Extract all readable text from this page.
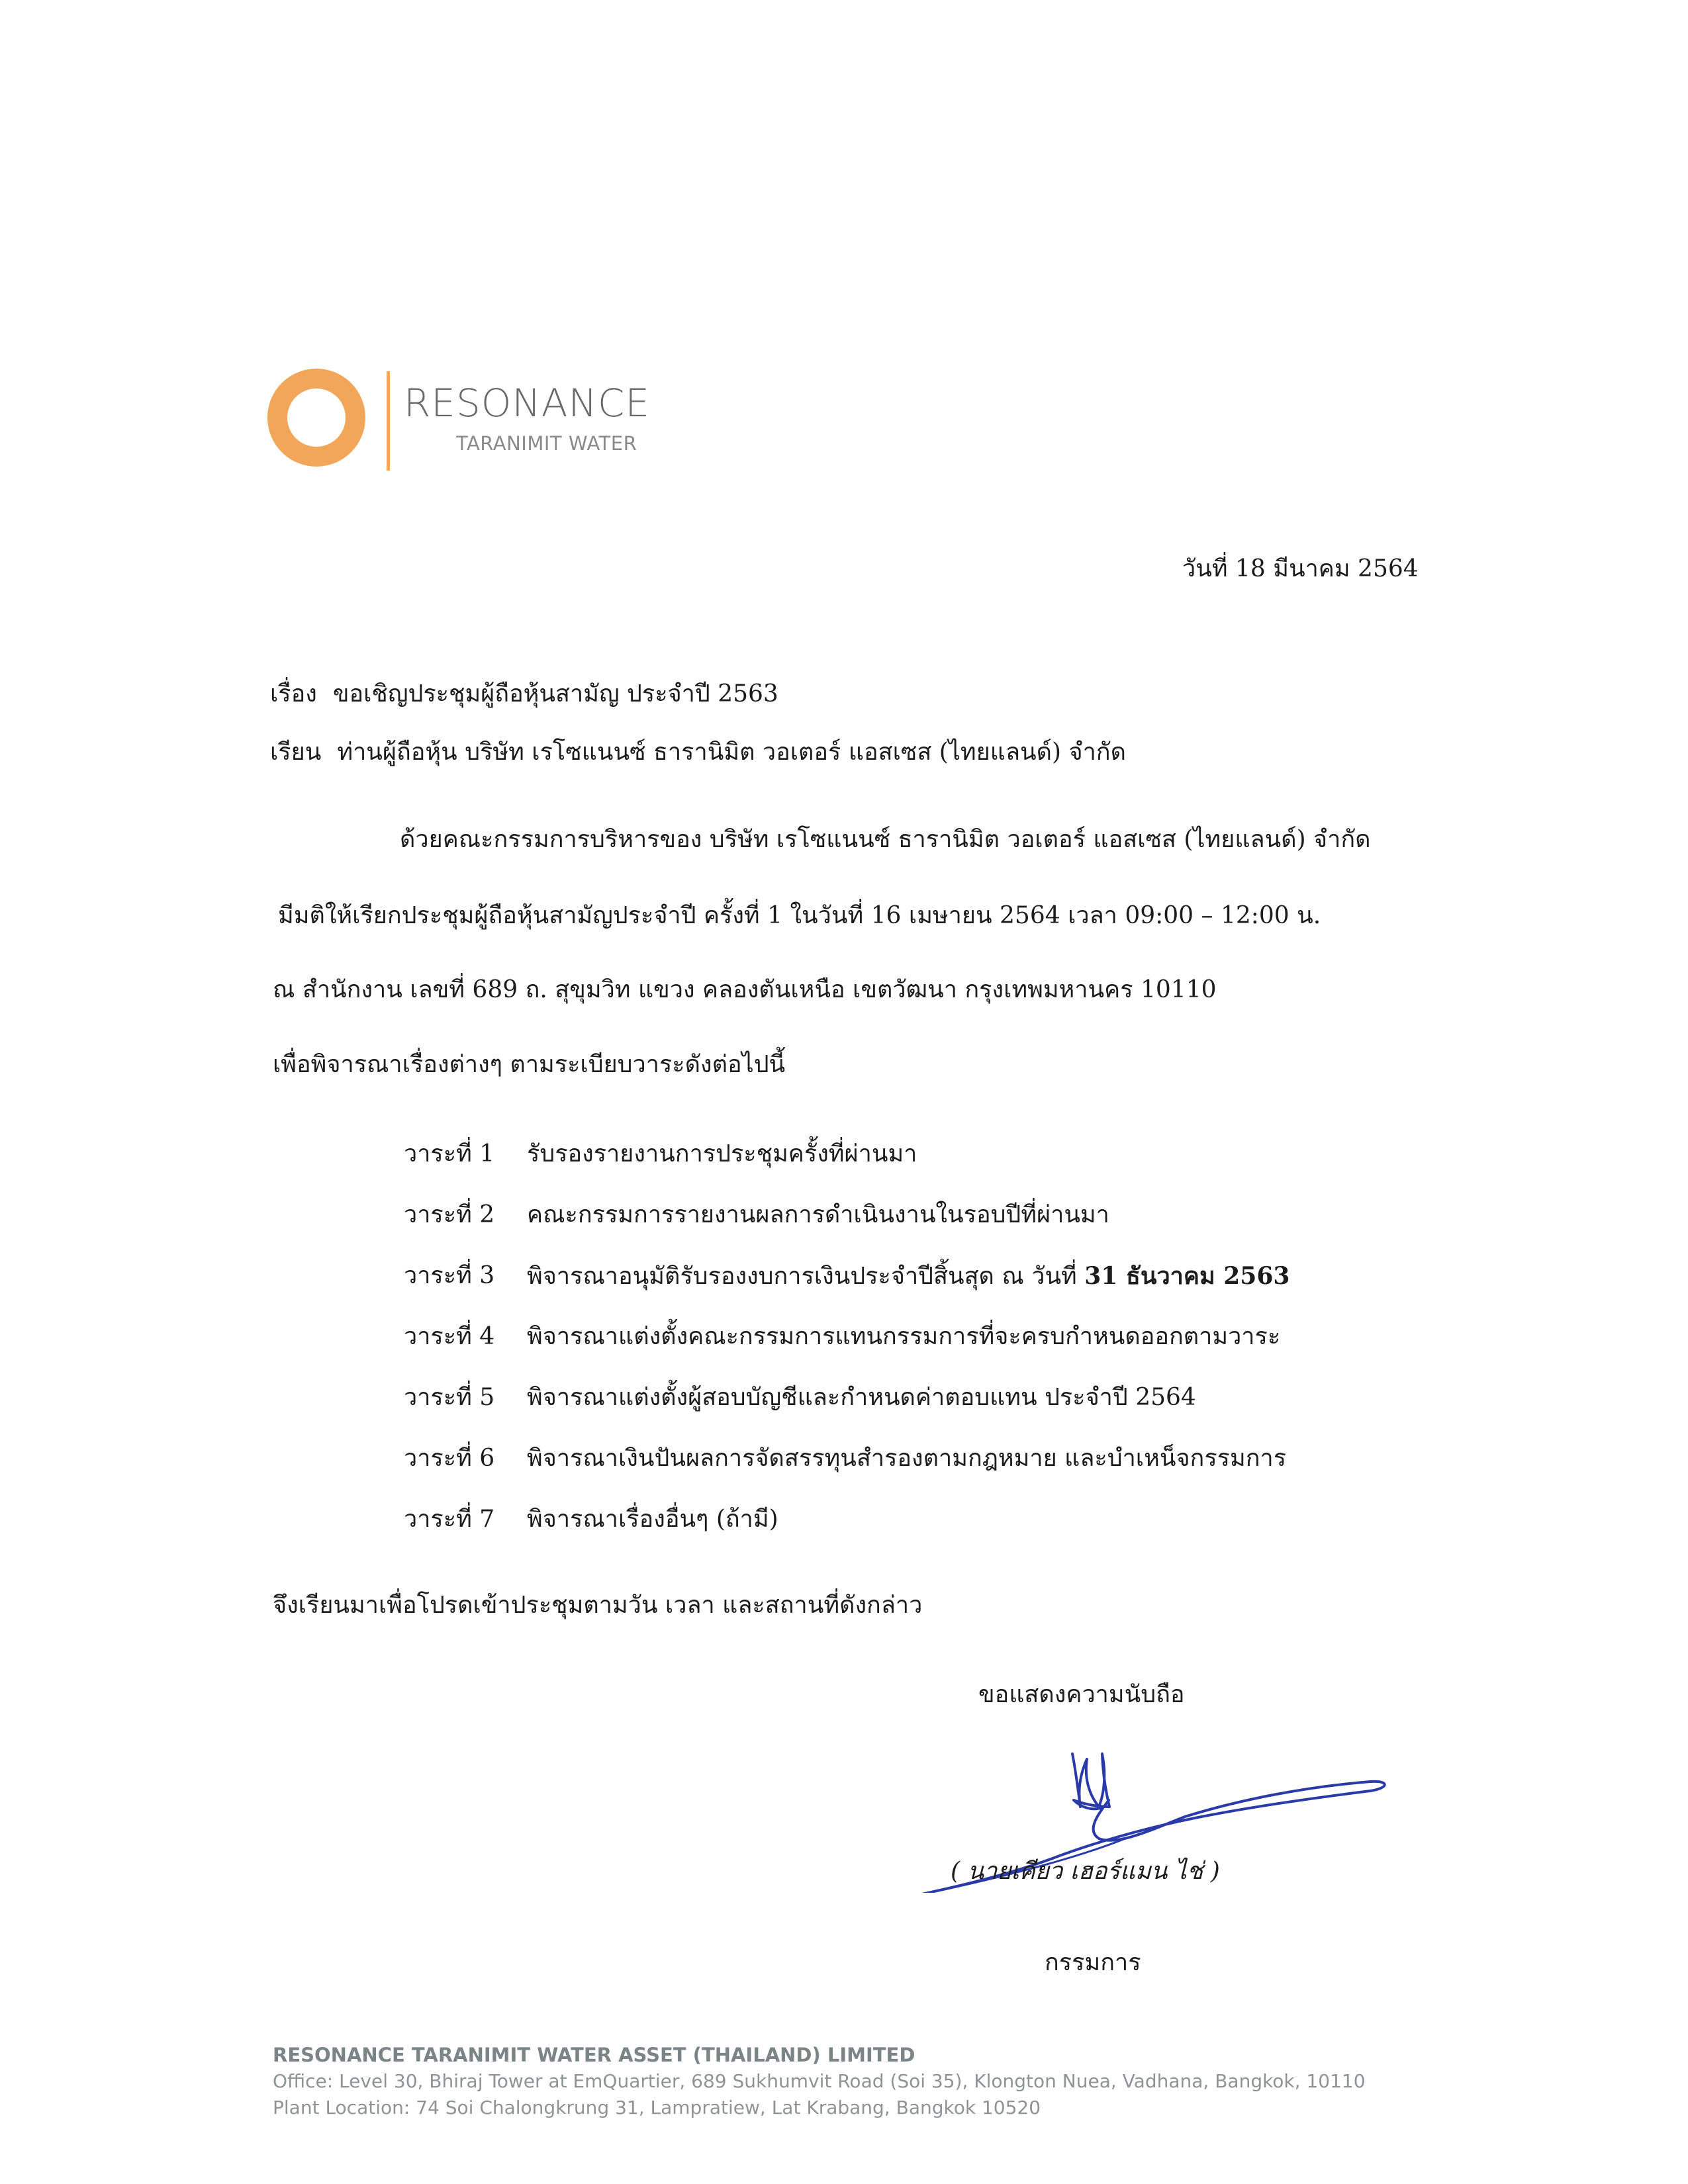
RESONANCE
TARANIMIT WATER
วันที่ 18 มีนาคม 2564
เรื่อง ขอเชิญประชุมผู้ถือหุ้นสามัญ ประจำปี 2563
เรียน ท่านผู้ถือหุ้น บริษัท เรโซแนนซ์ ธารานิมิต วอเตอร์ แอสเซส (ไทยแลนด์) จำกัด
ด้วยคณะกรรมการบริหารของ บริษัท เรโซแนนซ์ ธารานิมิต วอเตอร์ แอสเซส (ไทยแลนด์) จำกัด
มีมติให้เรียกประชุมผู้ถือหุ้นสามัญประจำปี ครั้งที่ 1 ในวันที่ 16 เมษายน 2564 เวลา 09:00 – 12:00 น.
ณ สำนักงาน เลขที่ 689 ถ. สุขุมวิท แขวง คลองตันเหนือ เขตวัฒนา กรุงเทพมหานคร 10110
เพื่อพิจารณาเรื่องต่างๆ ตามระเบียบวาระดังต่อไปนี้
วาระที่ 1 รับรองรายงานการประชุมครั้งที่ผ่านมา
วาระที่ 2 คณะกรรมการรายงานผลการดำเนินงานในรอบปีที่ผ่านมา
วาระที่ 3 พิจารณาอนุมัติรับรองงบการเงินประจำปีสิ้นสุด ณ วันที่ 31 ธันวาคม 2563
วาระที่ 4 พิจารณาแต่งตั้งคณะกรรมการแทนกรรมการที่จะครบกำหนดออกตามวาระ
วาระที่ 5 พิจารณาแต่งตั้งผู้สอบบัญชีและกำหนดค่าตอบแทน ประจำปี 2564
วาระที่ 6 พิจารณาเงินปันผลการจัดสรรทุนสำรองตามกฎหมาย และบำเหน็จกรรมการ
วาระที่ 7 พิจารณาเรื่องอื่นๆ (ถ้ามี)
จึงเรียนมาเพื่อโปรดเข้าประชุมตามวัน เวลา และสถานที่ดังกล่าว
ขอแสดงความนับถือ
( นายเคียว เฮอร์แมน ไช่ )
กรรมการ
RESONANCE TARANIMIT WATER ASSET (THAILAND) LIMITED
Office: Level 30, Bhiraj Tower at EmQuartier, 689 Sukhumvit Road (Soi 35), Klongton Nuea, Vadhana, Bangkok, 10110
Plant Location: 74 Soi Chalongkrung 31, Lampratiew, Lat Krabang, Bangkok 10520
